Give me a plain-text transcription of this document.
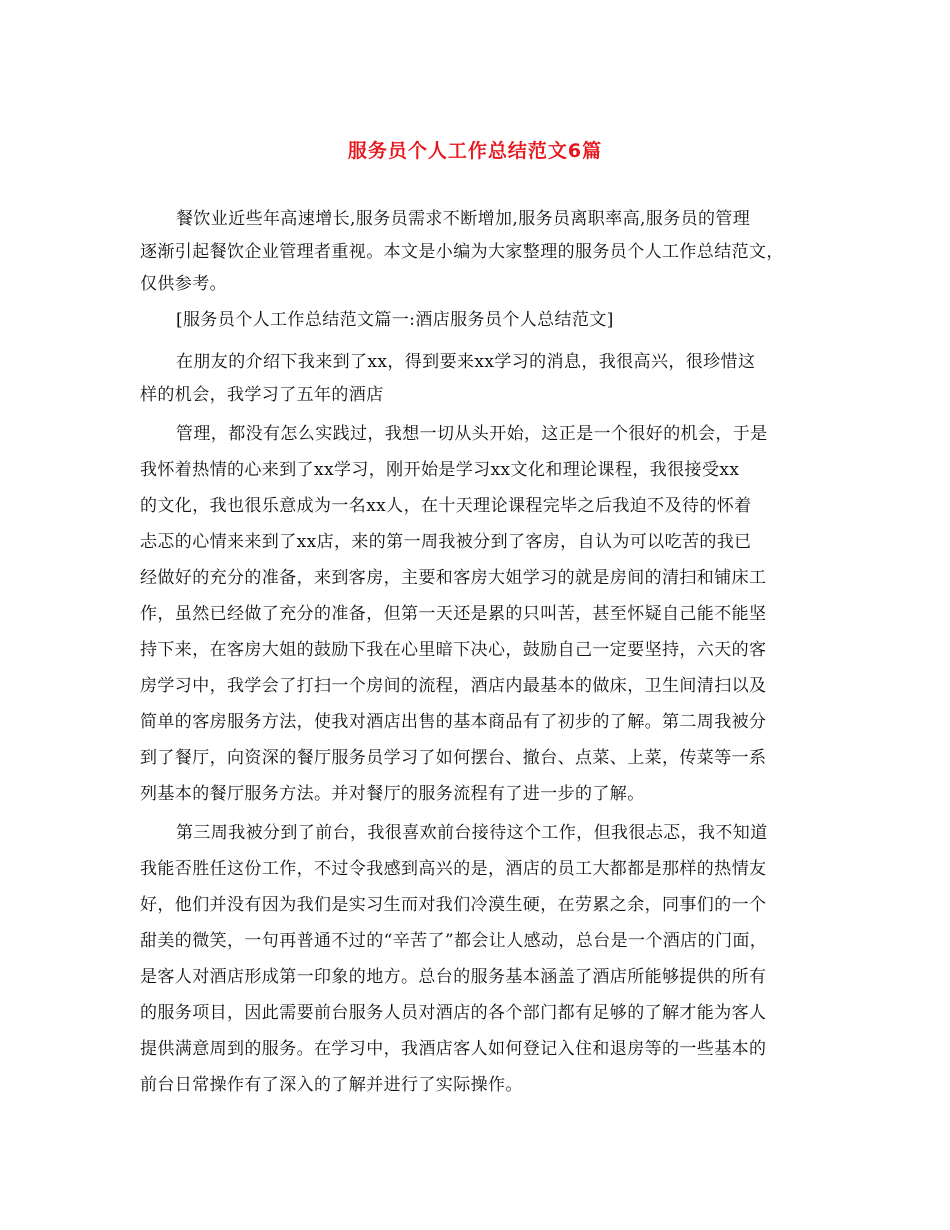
服务员个人工作总结范文6篇
餐饮业近些年高速增长,服务员需求不断增加,服务员离职率高,服务员的管理
逐渐引起餐饮企业管理者重视。本文是小编为大家整理的服务员个人工作总结范文，
仅供参考。
[服务员个人工作总结范文篇一:酒店服务员个人总结范文]
在朋友的介绍下我来到了xx，得到要来xx学习的消息，我很高兴，很珍惜这
样的机会，我学习了五年的酒店
管理，都没有怎么实践过，我想一切从头开始，这正是一个很好的机会，于是
我怀着热情的心来到了xx学习，刚开始是学习xx文化和理论课程，我很接受xx
的文化，我也很乐意成为一名xx人，在十天理论课程完毕之后我迫不及待的怀着
忐忑的心情来来到了xx店，来的第一周我被分到了客房，自认为可以吃苦的我已
经做好的充分的准备，来到客房，主要和客房大姐学习的就是房间的清扫和铺床工
作，虽然已经做了充分的准备，但第一天还是累的只叫苦，甚至怀疑自己能不能坚
持下来，在客房大姐的鼓励下我在心里暗下决心，鼓励自己一定要坚持，六天的客
房学习中，我学会了打扫一个房间的流程，酒店内最基本的做床，卫生间清扫以及
简单的客房服务方法，使我对酒店出售的基本商品有了初步的了解。第二周我被分
到了餐厅，向资深的餐厅服务员学习了如何摆台、撤台、点菜、上菜，传菜等一系
列基本的餐厅服务方法。并对餐厅的服务流程有了进一步的了解。
第三周我被分到了前台，我很喜欢前台接待这个工作，但我很忐忑，我不知道
我能否胜任这份工作，不过令我感到高兴的是，酒店的员工大都都是那样的热情友
好，他们并没有因为我们是实习生而对我们冷漠生硬，在劳累之余，同事们的一个
甜美的微笑，一句再普通不过的“辛苦了”都会让人感动，总台是一个酒店的门面，
是客人对酒店形成第一印象的地方。总台的服务基本涵盖了酒店所能够提供的所有
的服务项目，因此需要前台服务人员对酒店的各个部门都有足够的了解才能为客人
提供满意周到的服务。在学习中，我酒店客人如何登记入住和退房等的一些基本的
前台日常操作有了深入的了解并进行了实际操作。
